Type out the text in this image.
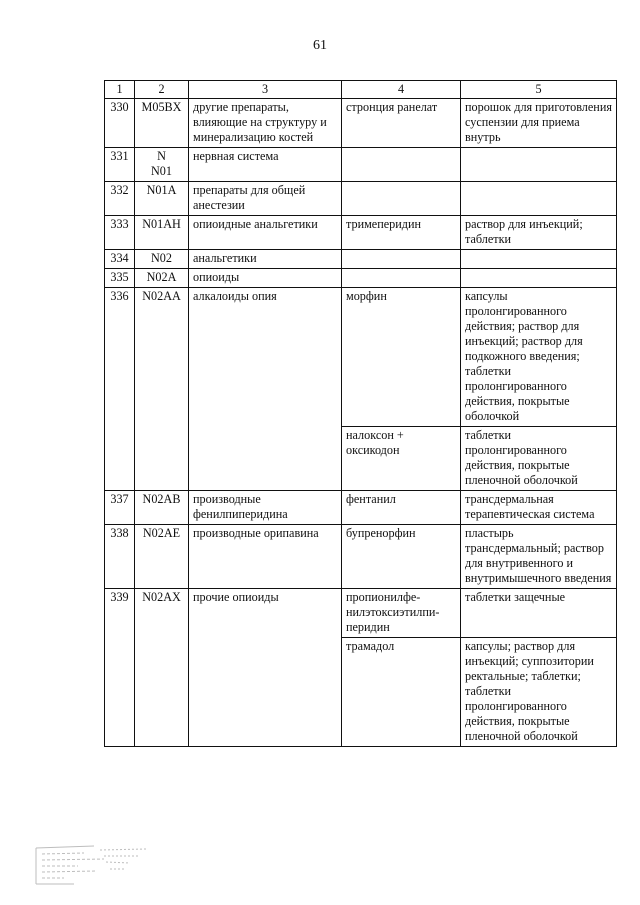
61
1	2	3	4	5
330	M05BX	другие препараты, влияющие на структуру и минерализацию костей	стронция ранелат	порошок для приготовления суспензии для приема внутрь
331	N N01	нервная система		
332	N01A	препараты для общей анестезии		
333	N01AH	опиоидные анальгетики	тримеперидин	раствор для инъекций; таблетки
334	N02	анальгетики		
335	N02A	опиоиды		
336	N02AA	алкалоиды опия	морфин	капсулы пролонгированного действия; раствор для инъекций; раствор для подкожного введения; таблетки пролонгированного действия, покрытые оболочкой
			налоксон + оксикодон	таблетки пролонгированного действия, покрытые пленочной оболочкой
337	N02AB	производные фенилпиперидина	фентанил	трансдермальная терапевтическая система
338	N02AE	производные орипавина	бупренорфин	пластырь трансдермальный; раствор для внутривенного и внутримышечного введения
339	N02AX	прочие опиоиды	пропионилфе-нилэтоксиэтилпи-перидин	таблетки защечные
			трамадол	капсулы; раствор для инъекций; суппозитории ректальные; таблетки; таблетки пролонгированного действия, покрытые пленочной оболочкой
